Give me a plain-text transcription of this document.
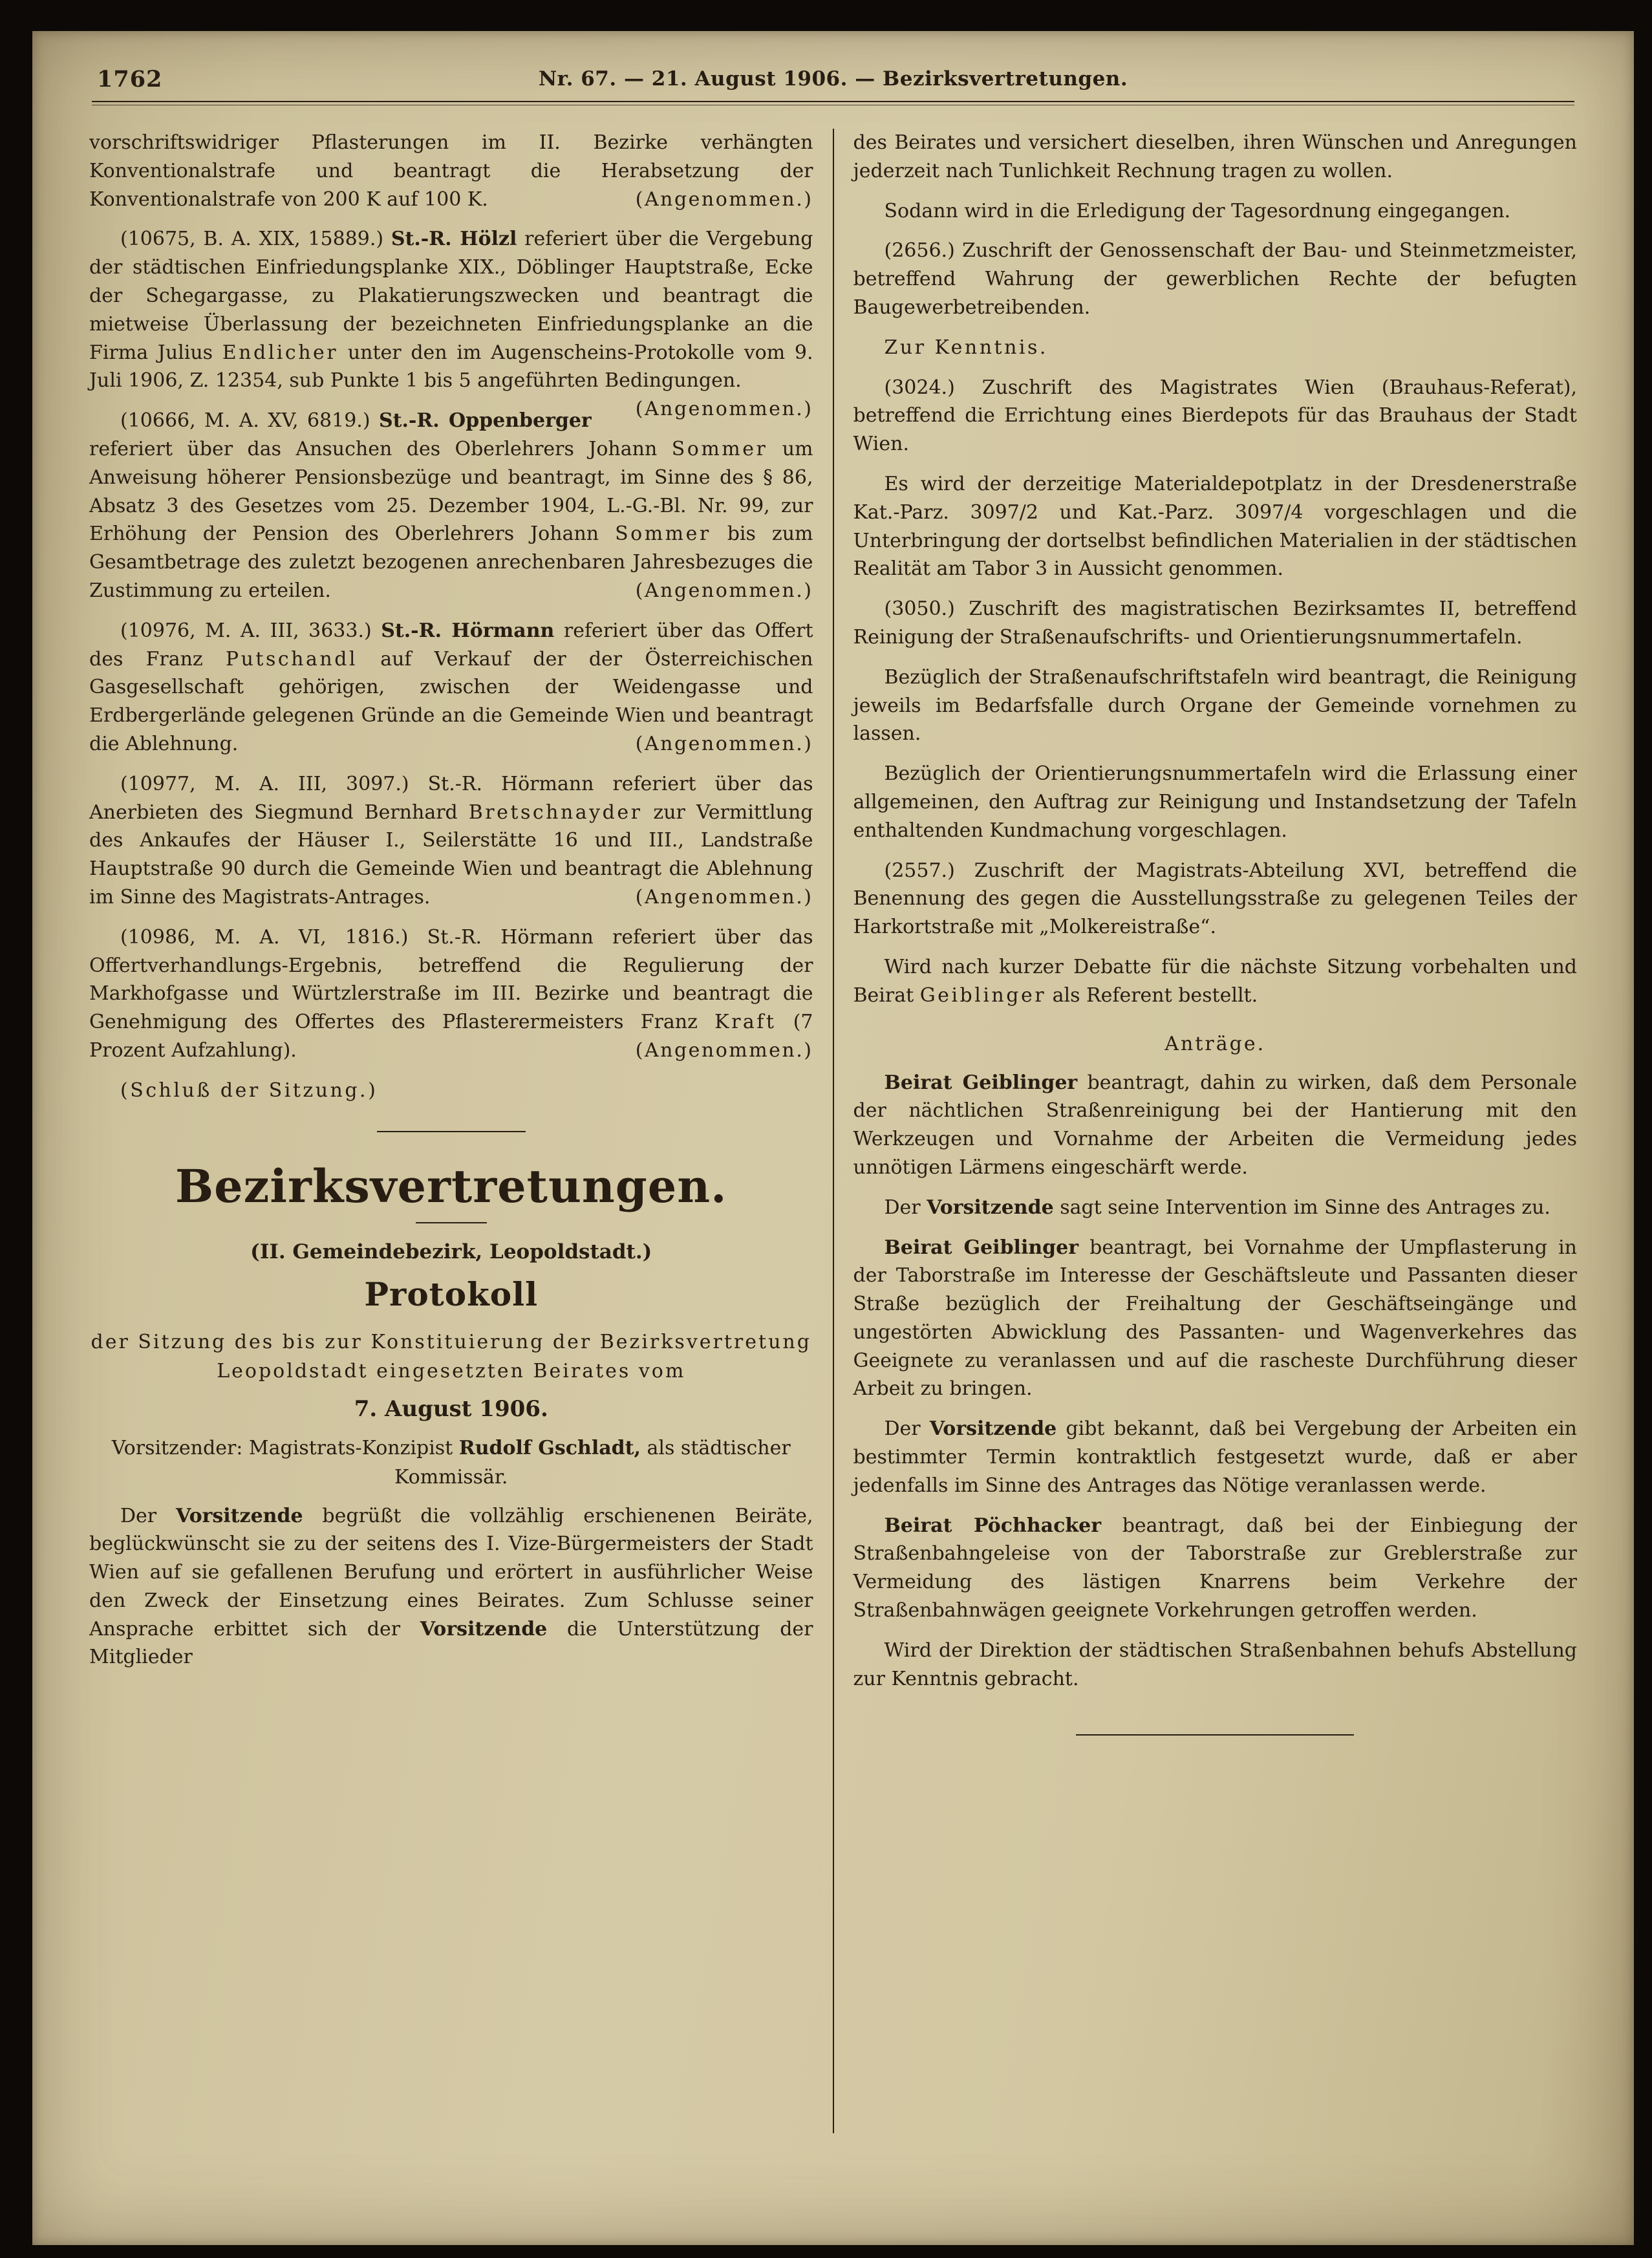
1762	Nr. 67. — 21. August 1906. — Bezirksvertretungen.

vorschriftswidriger Pflasterungen im II. Bezirke verhängten Konventionalstrafe und beantragt die Herabsetzung der Konventionalstrafe von 200 K auf 100 K.	(Angenommen.)

(10675, B. A. XIX, 15889.) St.-R. Hölzl referiert über die Vergebung der städtischen Einfriedungsplanke XIX., Döblinger Hauptstraße, Ecke der Schegargasse, zu Plakatierungszwecken und beantragt die mietweise Überlassung der bezeichneten Einfriedungsplanke an die Firma Julius Endlicher unter den im Augenscheins-Protokolle vom 9. Juli 1906, Z. 12354, sub Punkte 1 bis 5 angeführten Bedingungen.
(Angenommen.)

(10666, M. A. XV, 6819.) St.-R. Oppenberger referiert über das Ansuchen des Oberlehrers Johann Sommer um Anweisung höherer Pensionsbezüge und beantragt, im Sinne des § 86, Absatz 3 des Gesetzes vom 25. Dezember 1904, L.-G.-Bl. Nr. 99, zur Erhöhung der Pension des Oberlehrers Johann Sommer bis zum Gesamtbetrage des zuletzt bezogenen anrechenbaren Jahresbezuges die Zustimmung zu erteilen.	(Angenommen.)

(10976, M. A. III, 3633.) St.-R. Hörmann referiert über das Offert des Franz Putschandl auf Verkauf der der Österreichischen Gasgesellschaft gehörigen, zwischen der Weidengasse und Erdbergerlände gelegenen Gründe an die Gemeinde Wien und beantragt die Ablehnung.	(Angenommen.)

(10977, M. A. III, 3097.) St.-R. Hörmann referiert über das Anerbieten des Siegmund Bernhard Bretschnayder zur Vermittlung des Ankaufes der Häuser I., Seilerstätte 16 und III., Landstraße Hauptstraße 90 durch die Gemeinde Wien und beantragt die Ablehnung im Sinne des Magistrats-Antrages.	(Angenommen.)

(10986, M. A. VI, 1816.) St.-R. Hörmann referiert über das Offertverhandlungs-Ergebnis, betreffend die Regulierung der Markhofgasse und Würtzlerstraße im III. Bezirke und beantragt die Genehmigung des Offertes des Pflasterermeisters Franz Kraft (7 Prozent Aufzahlung).	(Angenommen.)

(Schluß der Sitzung.)

Bezirksvertretungen.

(II. Gemeindebezirk, Leopoldstadt.)

Protokoll

der Sitzung des bis zur Konstituierung der Bezirksvertretung Leopoldstadt eingesetzten Beirates vom

7. August 1906.

Vorsitzender: Magistrats-Konzipist Rudolf Gschladt, als städtischer Kommissär.

Der Vorsitzende begrüßt die vollzählig erschienenen Beiräte, beglückwünscht sie zu der seitens des I. Vize-Bürgermeisters der Stadt Wien auf sie gefallenen Berufung und erörtert in ausführlicher Weise den Zweck der Einsetzung eines Beirates. Zum Schlusse seiner Ansprache erbittet sich der Vorsitzende die Unterstützung der Mitglieder

des Beirates und versichert dieselben, ihren Wünschen und Anregungen jederzeit nach Tunlichkeit Rechnung tragen zu wollen.

Sodann wird in die Erledigung der Tagesordnung eingegangen.

(2656.) Zuschrift der Genossenschaft der Bau- und Steinmetzmeister, betreffend Wahrung der gewerblichen Rechte der befugten Baugewerbetreibenden.

Zur Kenntnis.

(3024.) Zuschrift des Magistrates Wien (Brauhaus-Referat), betreffend die Errichtung eines Bierdepots für das Brauhaus der Stadt Wien.

Es wird der derzeitige Materialdepotplatz in der Dresdenerstraße Kat.-Parz. 3097/2 und Kat.-Parz. 3097/4 vorgeschlagen und die Unterbringung der dortselbst befindlichen Materialien in der städtischen Realität am Tabor 3 in Aussicht genommen.

(3050.) Zuschrift des magistratischen Bezirksamtes II, betreffend Reinigung der Straßenaufschrifts- und Orientierungsnummertafeln.

Bezüglich der Straßenaufschriftstafeln wird beantragt, die Reinigung jeweils im Bedarfsfalle durch Organe der Gemeinde vornehmen zu lassen.

Bezüglich der Orientierungsnummertafeln wird die Erlassung einer allgemeinen, den Auftrag zur Reinigung und Instandsetzung der Tafeln enthaltenden Kundmachung vorgeschlagen.

(2557.) Zuschrift der Magistrats-Abteilung XVI, betreffend die Benennung des gegen die Ausstellungsstraße zu gelegenen Teiles der Harkortstraße mit „Molkereistraße“.

Wird nach kurzer Debatte für die nächste Sitzung vorbehalten und Beirat Geiblinger als Referent bestellt.

Anträge.

Beirat Geiblinger beantragt, dahin zu wirken, daß dem Personale der nächtlichen Straßenreinigung bei der Hantierung mit den Werkzeugen und Vornahme der Arbeiten die Vermeidung jedes unnötigen Lärmens eingeschärft werde.

Der Vorsitzende sagt seine Intervention im Sinne des Antrages zu.

Beirat Geiblinger beantragt, bei Vornahme der Umpflasterung in der Taborstraße im Interesse der Geschäftsleute und Passanten dieser Straße bezüglich der Freihaltung der Geschäftseingänge und ungestörten Abwicklung des Passanten- und Wagenverkehres das Geeignete zu veranlassen und auf die rascheste Durchführung dieser Arbeit zu bringen.

Der Vorsitzende gibt bekannt, daß bei Vergebung der Arbeiten ein bestimmter Termin kontraktlich festgesetzt wurde, daß er aber jedenfalls im Sinne des Antrages das Nötige veranlassen werde.

Beirat Pöchhacker beantragt, daß bei der Einbiegung der Straßenbahngeleise von der Taborstraße zur Greblerstraße zur Vermeidung des lästigen Knarrens beim Verkehre der Straßenbahnwägen geeignete Vorkehrungen getroffen werden.

Wird der Direktion der städtischen Straßenbahnen behufs Abstellung zur Kenntnis gebracht.
